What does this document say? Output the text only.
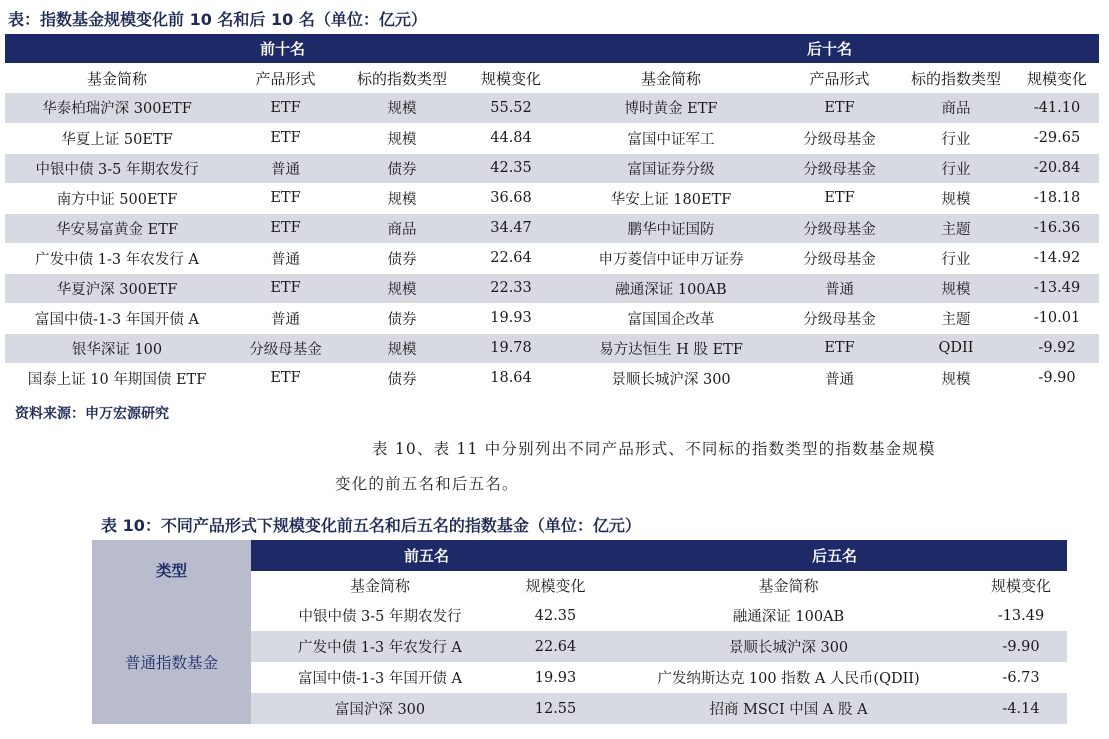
表：指数基金规模变化前 10 名和后 10 名（单位：亿元）
前十名				后十名			
基金简称	产品形式	标的指数类型	规模变化	基金简称	产品形式	标的指数类型	规模变化
华泰柏瑞沪深 300ETF	ETF	规模	55.52	博时黄金 ETF	ETF	商品	-41.10
华夏上证 50ETF	ETF	规模	44.84	富国中证军工	分级母基金	行业	-29.65
中银中债 3-5 年期农发行	普通	债券	42.35	富国证券分级	分级母基金	行业	-20.84
南方中证 500ETF	ETF	规模	36.68	华安上证 180ETF	ETF	规模	-18.18
华安易富黄金 ETF	ETF	商品	34.47	鹏华中证国防	分级母基金	主题	-16.36
广发中债 1-3 年农发行 A	普通	债券	22.64	申万菱信中证申万证券	分级母基金	行业	-14.92
华夏沪深 300ETF	ETF	规模	22.33	融通深证 100AB	普通	规模	-13.49
富国中债-1-3 年国开债 A	普通	债券	19.93	富国国企改革	分级母基金	主题	-10.01
银华深证 100	分级母基金	规模	19.78	易方达恒生 H 股 ETF	ETF	QDII	-9.92
国泰上证 10 年期国债 ETF	ETF	债券	18.64	景顺长城沪深 300	普通	规模	-9.90
资料来源：申万宏源研究
表 10、表 11 中分别列出不同产品形式、不同标的指数类型的指数基金规模
变化的前五名和后五名。
表 10：不同产品形式下规模变化前五名和后五名的指数基金（单位：亿元）
类型	前五名		后五名	
	基金简称	规模变化	基金简称	规模变化
普通指数基金	中银中债 3-5 年期农发行	42.35	融通深证 100AB	-13.49
	广发中债 1-3 年农发行 A	22.64	景顺长城沪深 300	-9.90
	富国中债-1-3 年国开债 A	19.93	广发纳斯达克 100 指数 A 人民币(QDII)	-6.73
	富国沪深 300	12.55	招商 MSCI 中国 A 股 A	-4.14
